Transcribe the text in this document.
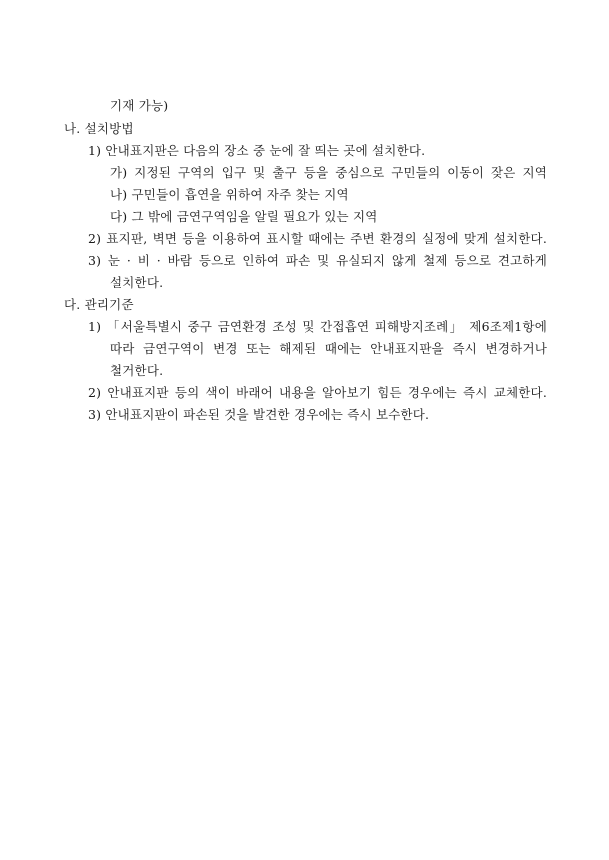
기재 가능)
나. 설치방법
1) 안내표지판은 다음의 장소 중 눈에 잘 띄는 곳에 설치한다.
가) 지정된 구역의 입구 및 출구 등을 중심으로 구민들의 이동이 잦은 지역
나) 구민들이 흡연을 위하여 자주 찾는 지역
다) 그 밖에 금연구역임을 알릴 필요가 있는 지역
2) 표지판, 벽면 등을 이용하여 표시할 때에는 주변 환경의 실정에 맞게 설치한다.
3) 눈 · 비 · 바람 등으로 인하여 파손 및 유실되지 않게 철제 등으로 견고하게
설치한다.
다. 관리기준
1) 「서울특별시 중구 금연환경 조성 및 간접흡연 피해방지조례」 제6조제1항에
따라 금연구역이 변경 또는 해제된 때에는 안내표지판을 즉시 변경하거나
철거한다.
2) 안내표지판 등의 색이 바래어 내용을 알아보기 힘든 경우에는 즉시 교체한다.
3) 안내표지판이 파손된 것을 발견한 경우에는 즉시 보수한다.
